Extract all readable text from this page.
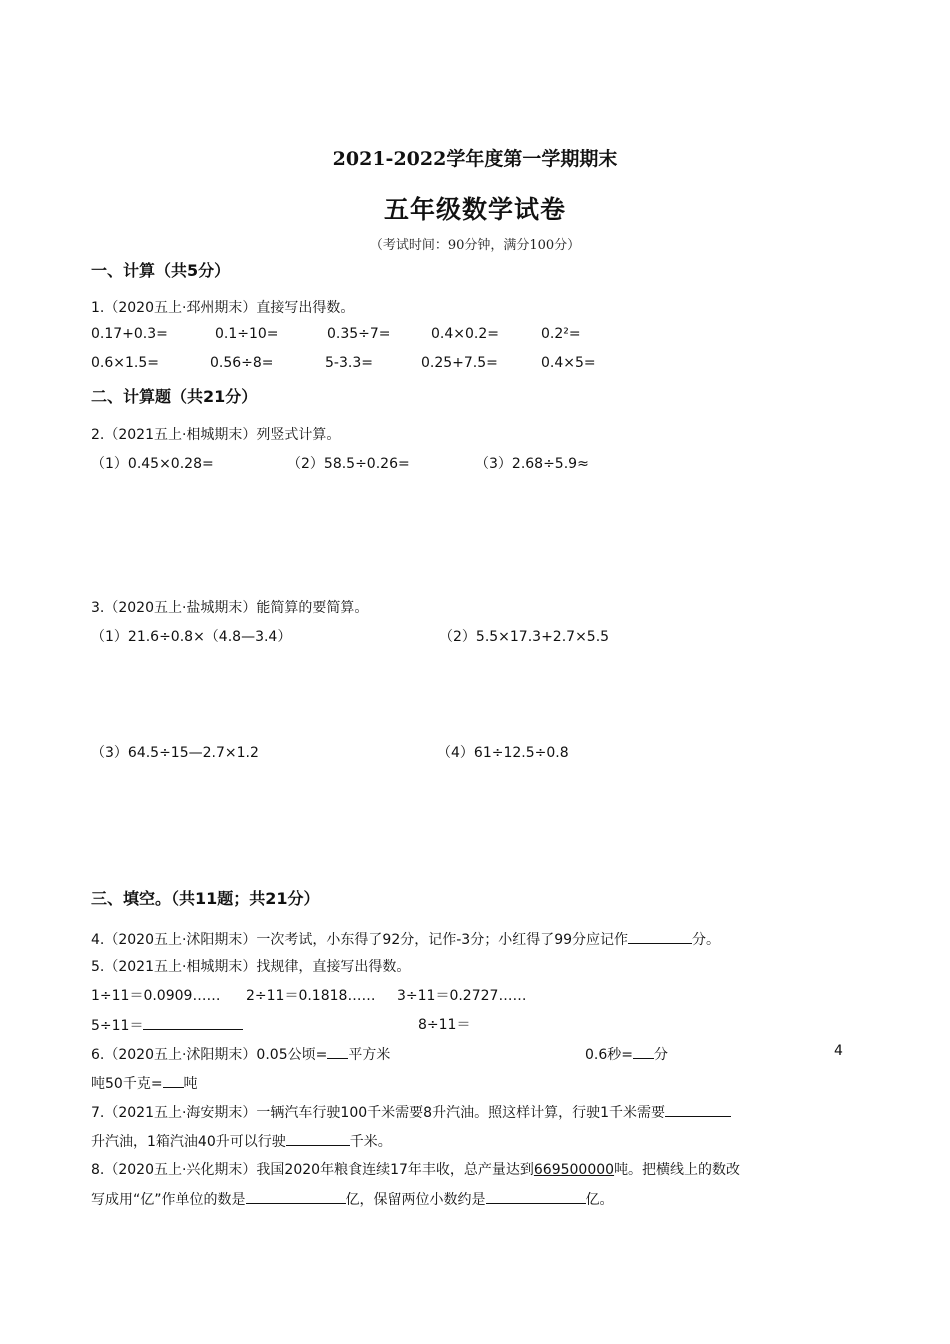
2021-2022学年度第一学期期末
五年级数学试卷
（考试时间：90分钟，满分100分）
一、计算（共5分）
1.（2020五上·邳州期末）直接写出得数。
0.17+0.3=	0.1÷10=	0.35÷7=	0.4×0.2=	0.2²=
0.6×1.5=	0.56÷8=	5-3.3=	0.25+7.5=	0.4×5=
二、计算题（共21分）
2.（2021五上·相城期末）列竖式计算。
（1）0.45×0.28=	（2）58.5÷0.26=	（3）2.68÷5.9≈
3.（2020五上·盐城期末）能简算的要简算。
（1）21.6÷0.8×（4.8—3.4）	（2）5.5×17.3+2.7×5.5
（3）64.5÷15—2.7×1.2	（4）61÷12.5÷0.8
三、填空。（共11题；共21分）
4.（2020五上·沭阳期末）一次考试，小东得了92分，记作-3分；小红得了99分应记作	分。
5.（2021五上·相城期末）找规律，直接写出得数。
1÷11＝0.0909…… 2÷11＝0.1818…… 3÷11＝0.2727……
5÷11＝	8÷11＝
6.（2020五上·沭阳期末）0.05公顷= 平方米	0.6秒= 分	4
吨50千克= 吨
7.（2021五上·海安期末）一辆汽车行驶100千米需要8升汽油。照这样计算，行驶1千米需要
升汽油，1箱汽油40升可以行驶	千米。
8.（2020五上·兴化期末）我国2020年粮食连续17年丰收，总产量达到669500000吨。把横线上的数改
写成用“亿”作单位的数是	亿，保留两位小数约是	亿。
